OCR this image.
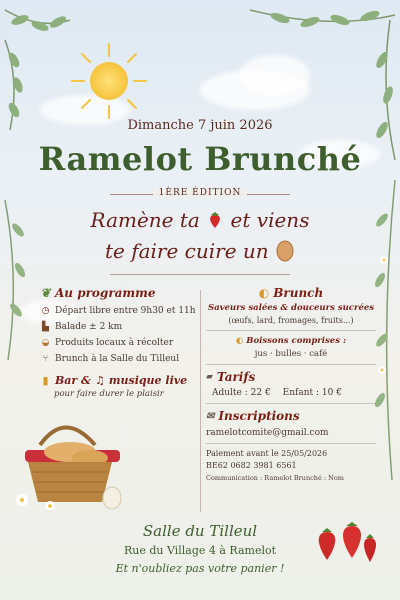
Dimanche 7 juin 2026
Ramelot Brunché
1ÈRE ÉDITION
Ramène ta et viens
te faire cuire un
❦ Au programme
◷ Départ libre entre 9h30 et 11h
▙ Balade ± 2 km
◒ Produits locaux à récolter
⑂ Brunch à la Salle du Tilleul
▮ Bar & ♫ musique live
pour faire durer le plaisir
◐ Brunch
Saveurs salées & douceurs sucrées
(œufs, lard, fromages, fruits...)
◐ Boissons comprises :
jus · bulles · café
▰ Tarifs
Adulte : 22 € Enfant : 10 €
✉ Inscriptions
ramelotcomite@gmail.com
Paiement avant le 25/05/2026
BE62 0682 3981 6561
Communication : Ramelot Brunché : Nom
Salle du Tilleul
Rue du Village 4 à Ramelot
Et n'oubliez pas votre panier !
